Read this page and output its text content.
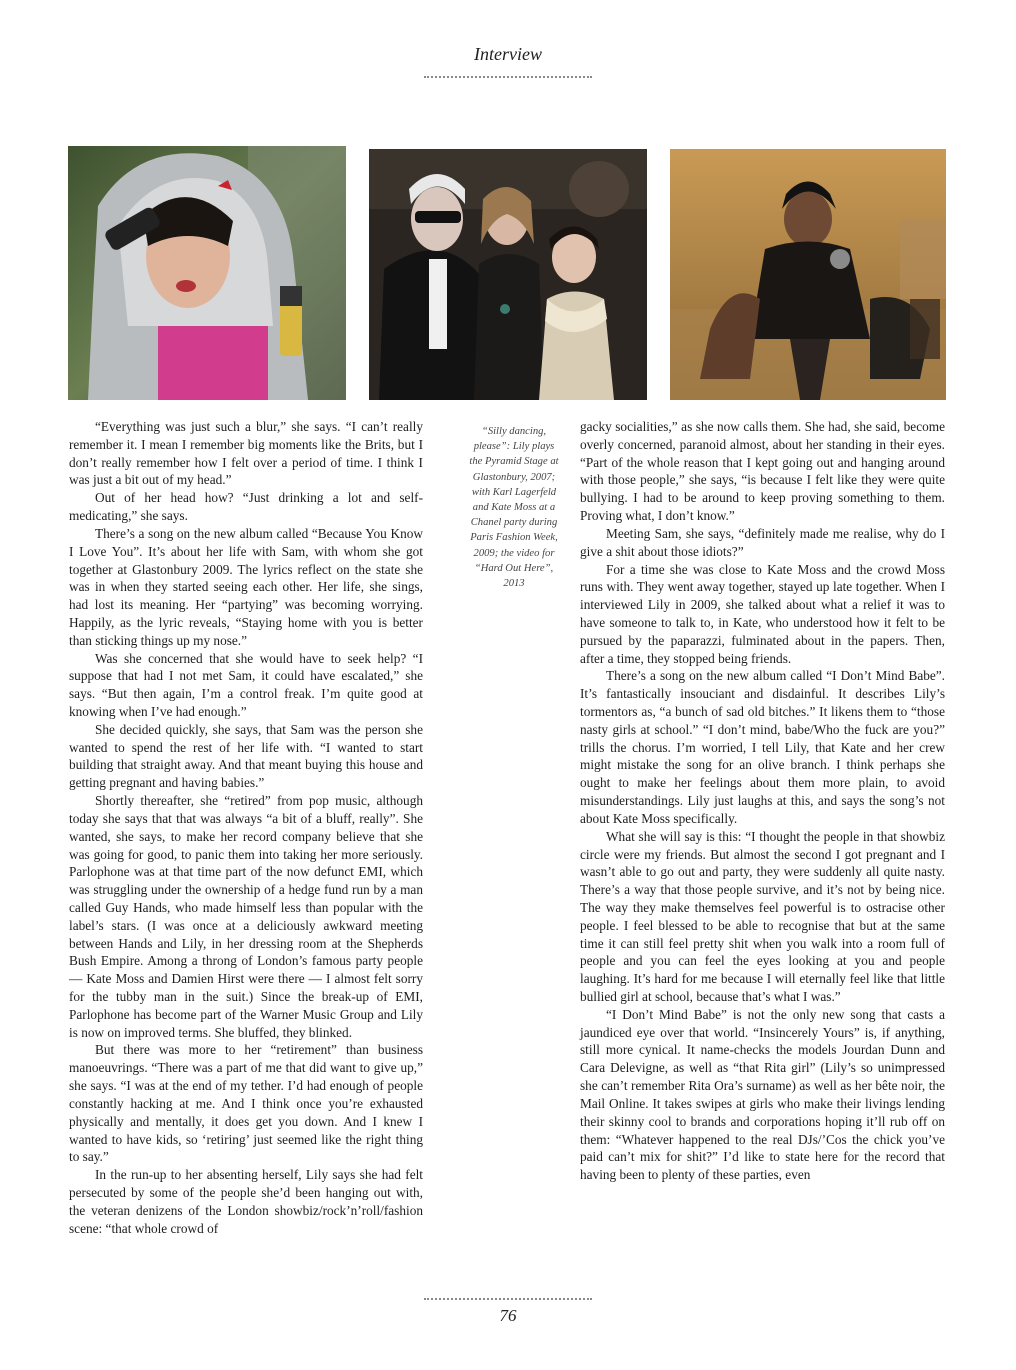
Interview

“Everything was just such a blur,” she says. “I can’t really remember it. I mean I remember big moments like the Brits, but I don’t really remember how I felt over a period of time. I think I was just a bit out of my head.”

Out of her head how? “Just drinking a lot and self-medicating,” she says.

There’s a song on the new album called “Because You Know I Love You”. It’s about her life with Sam, with whom she got together at Glastonbury 2009. The lyrics reflect on the state she was in when they started seeing each other. Her life, she sings, had lost its meaning. Her “partying” was becoming worrying. Happily, as the lyric reveals, “Staying home with you is better than sticking things up my nose.”

Was she concerned that she would have to seek help? “I suppose that had I not met Sam, it could have escalated,” she says. “But then again, I’m a control freak. I’m quite good at knowing when I’ve had enough.”

She decided quickly, she says, that Sam was the person she wanted to spend the rest of her life with. “I wanted to start building that straight away. And that meant buying this house and getting pregnant and having babies.”

Shortly thereafter, she “retired” from pop music, although today she says that that was always “a bit of a bluff, really”. She wanted, she says, to make her record company believe that she was going for good, to panic them into taking her more seriously. Parlophone was at that time part of the now defunct EMI, which was struggling under the ownership of a hedge fund run by a man called Guy Hands, who made himself less than popular with the label’s stars. (I was once at a deliciously awkward meeting between Hands and Lily, in her dressing room at the Shepherds Bush Empire. Among a throng of London’s famous party people — Kate Moss and Damien Hirst were there — I almost felt sorry for the tubby man in the suit.) Since the break-up of EMI, Parlophone has become part of the Warner Music Group and Lily is now on improved terms. She bluffed, they blinked.

But there was more to her “retirement” than business manoeuvrings. “There was a part of me that did want to give up,” she says. “I was at the end of my tether. I’d had enough of people constantly hacking at me. And I think once you’re exhausted physically and mentally, it does get you down. And I knew I wanted to have kids, so ‘retiring’ just seemed like the right thing to say.”

In the run-up to her absenting herself, Lily says she had felt persecuted by some of the people she’d been hanging out with, the veteran denizens of the London showbiz/rock’n’roll/fashion scene: “that whole crowd of

“Silly dancing, please”: Lily plays the Pyramid Stage at Glastonbury, 2007; with Karl Lagerfeld and Kate Moss at a Chanel party during Paris Fashion Week, 2009; the video for “Hard Out Here”, 2013

gacky socialities,” as she now calls them. She had, she said, become overly concerned, paranoid almost, about her standing in their eyes. “Part of the whole reason that I kept going out and hanging around with those people,” she says, “is because I felt like they were quite bullying. I had to be around to keep proving something to them. Proving what, I don’t know.”

Meeting Sam, she says, “definitely made me realise, why do I give a shit about those idiots?”

For a time she was close to Kate Moss and the crowd Moss runs with. They went away together, stayed up late together. When I interviewed Lily in 2009, she talked about what a relief it was to have someone to talk to, in Kate, who understood how it felt to be pursued by the paparazzi, fulminated about in the papers. Then, after a time, they stopped being friends.

There’s a song on the new album called “I Don’t Mind Babe”. It’s fantastically insouciant and disdainful. It describes Lily’s tormentors as, “a bunch of sad old bitches.” It likens them to “those nasty girls at school.” “I don’t mind, babe/Who the fuck are you?” trills the chorus. I’m worried, I tell Lily, that Kate and her crew might mistake the song for an olive branch. I think perhaps she ought to make her feelings about them more plain, to avoid misunderstandings. Lily just laughs at this, and says the song’s not about Kate Moss specifically.

What she will say is this: “I thought the people in that showbiz circle were my friends. But almost the second I got pregnant and I wasn’t able to go out and party, they were suddenly all quite nasty. There’s a way that those people survive, and it’s not by being nice. The way they make themselves feel powerful is to ostracise other people. I feel blessed to be able to recognise that but at the same time it can still feel pretty shit when you walk into a room full of people and you can feel the eyes looking at you and people laughing. It’s hard for me because I will eternally feel like that little bullied girl at school, because that’s what I was.”

“I Don’t Mind Babe” is not the only new song that casts a jaundiced eye over that world. “Insincerely Yours” is, if anything, still more cynical. It name-checks the models Jourdan Dunn and Cara Delevigne, as well as “that Rita girl” (Lily’s so unimpressed she can’t remember Rita Ora’s surname) as well as her bête noir, the Mail Online. It takes swipes at girls who make their livings lending their skinny cool to brands and corporations hoping it’ll rub off on them: “Whatever happened to the real DJs/’Cos the chick you’ve paid can’t mix for shit?” I’d like to state here for the record that having been to plenty of these parties, even

76
